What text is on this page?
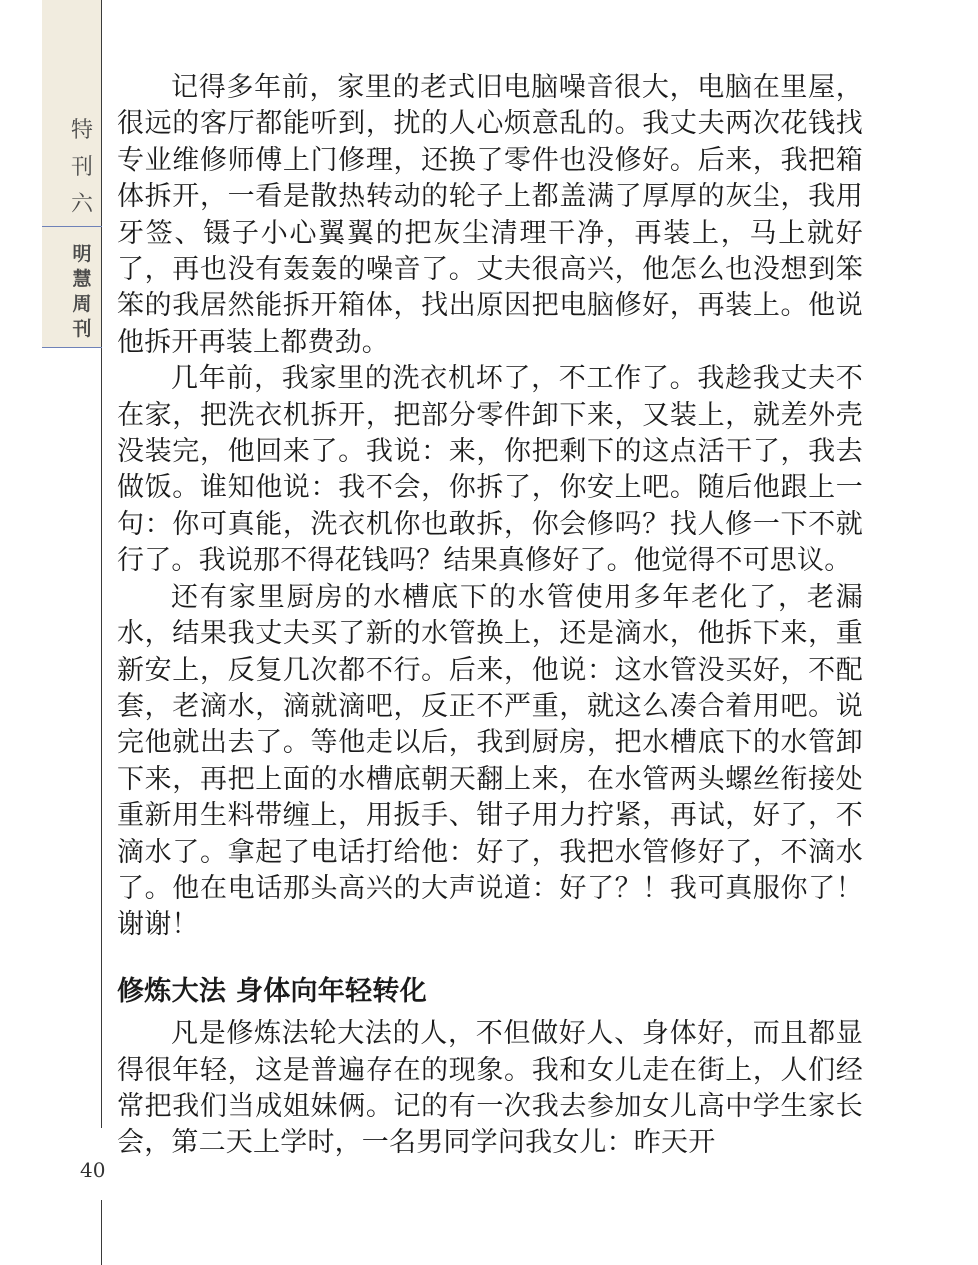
特
刊
六
明
慧
周
刊
40

记得多年前，家里的老式旧电脑噪音很大，电脑在里屋，很远的客厅都能听到，扰的人心烦意乱的。我丈夫两次花钱找专业维修师傅上门修理，还换了零件也没修好。后来，我把箱体拆开，一看是散热转动的轮子上都盖满了厚厚的灰尘，我用牙签、镊子小心翼翼的把灰尘清理干净，再装上，马上就好了，再也没有轰轰的噪音了。丈夫很高兴，他怎么也没想到笨笨的我居然能拆开箱体，找出原因把电脑修好，再装上。他说他拆开再装上都费劲。

几年前，我家里的洗衣机坏了，不工作了。我趁我丈夫不在家，把洗衣机拆开，把部分零件卸下来，又装上，就差外壳没装完，他回来了。我说：来，你把剩下的这点活干了，我去做饭。谁知他说：我不会，你拆了，你安上吧。随后他跟上一句：你可真能，洗衣机你也敢拆，你会修吗？找人修一下不就行了。我说那不得花钱吗？结果真修好了。他觉得不可思议。

还有家里厨房的水槽底下的水管使用多年老化了，老漏水，结果我丈夫买了新的水管换上，还是滴水，他拆下来，重新安上，反复几次都不行。后来，他说：这水管没买好，不配套，老滴水，滴就滴吧，反正不严重，就这么凑合着用吧。说完他就出去了。等他走以后，我到厨房，把水槽底下的水管卸下来，再把上面的水槽底朝天翻上来，在水管两头螺丝衔接处重新用生料带缠上，用扳手、钳子用力拧紧，再试，好了，不滴水了。拿起了电话打给他：好了，我把水管修好了，不滴水了。他在电话那头高兴的大声说道：好了？！我可真服你了！谢谢！

修炼大法 身体向年轻转化

凡是修炼法轮大法的人，不但做好人、身体好，而且都显得很年轻，这是普遍存在的现象。我和女儿走在街上，人们经常把我们当成姐妹俩。记的有一次我去参加女儿高中学生家长会，第二天上学时，一名男同学问我女儿：昨天开
